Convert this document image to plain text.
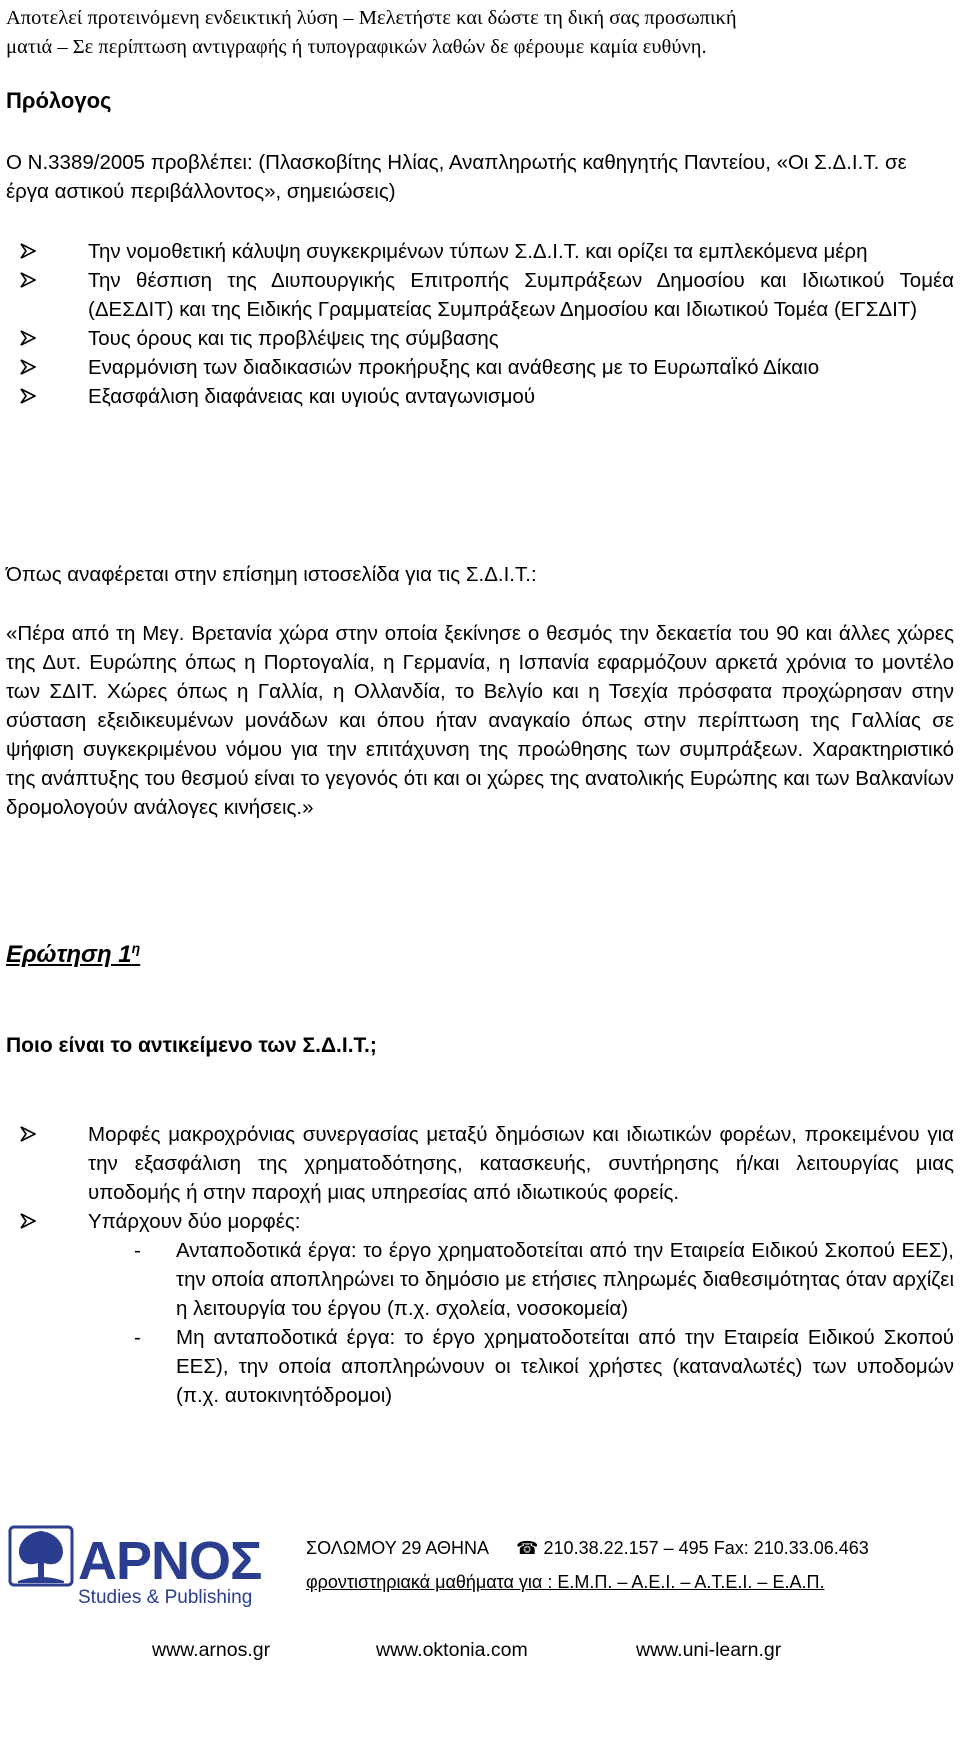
Αποτελεί προτεινόμενη ενδεικτική λύση – Μελετήστε και δώστε τη δική σας προσωπική
ματιά – Σε περίπτωση αντιγραφής ή τυπογραφικών λαθών δε φέρουμε καμία ευθύνη.
Πρόλογος
Ο Ν.3389/2005 προβλέπει: (Πλασκοβίτης Ηλίας, Αναπληρωτής καθηγητής Παντείου, «Οι Σ.Δ.Ι.Τ. σε έργα αστικού περιβάλλοντος», σημειώσεις)
Την νομοθετική κάλυψη συγκεκριμένων τύπων Σ.Δ.Ι.Τ. και ορίζει τα εμπλεκόμενα μέρη
Την θέσπιση της Διυπουργικής Επιτροπής Συμπράξεων Δημοσίου και Ιδιωτικού Τομέα (ΔΕΣΔΙΤ) και της Ειδικής Γραμματείας Συμπράξεων Δημοσίου και Ιδιωτικού Τομέα (ΕΓΣΔΙΤ)
Τους όρους και τις προβλέψεις της σύμβασης
Εναρμόνιση των διαδικασιών προκήρυξης και ανάθεσης με το ΕυρωπαΪκό Δίκαιο
Εξασφάλιση διαφάνειας και υγιούς ανταγωνισμού
Όπως αναφέρεται στην επίσημη ιστοσελίδα για τις Σ.Δ.Ι.Τ.:
«Πέρα από τη Μεγ. Βρετανία χώρα στην οποία ξεκίνησε ο θεσμός την δεκαετία του 90 και άλλες χώρες της Δυτ. Ευρώπης όπως η Πορτογαλία, η Γερμανία, η Ισπανία εφαρμόζουν αρκετά χρόνια το μοντέλο των ΣΔΙΤ. Χώρες όπως η Γαλλία, η Ολλανδία, το Βελγίο και η Τσεχία πρόσφατα προχώρησαν στην σύσταση εξειδικευμένων μονάδων και όπου ήταν αναγκαίο όπως στην περίπτωση της Γαλλίας σε ψήφιση συγκεκριμένου νόμου για την επιτάχυνση της προώθησης των συμπράξεων. Χαρακτηριστικό της ανάπτυξης του θεσμού είναι το γεγονός ότι και οι χώρες της ανατολικής Ευρώπης και των Βαλκανίων δρομολογούν ανάλογες κινήσεις.»
Ερώτηση $1^\eta$
Ποιο είναι το αντικείμενο των Σ.Δ.Ι.Τ.;
Μορφές μακροχρόνιας συνεργασίας μεταξύ δημόσιων και ιδιωτικών φορέων, προκειμένου για την εξασφάλιση της χρηματοδότησης, κατασκευής, συντήρησης ή/και λειτουργίας μιας υποδομής ή στην παροχή μιας υπηρεσίας από ιδιωτικούς φορείς.
Υπάρχουν δύο μορφές:
- Ανταποδοτικά έργα: το έργο χρηματοδοτείται από την Εταιρεία Ειδικού Σκοπού ΕΕΣ), την οποία αποπληρώνει το δημόσιο με ετήσιες πληρωμές διαθεσιμότητας όταν αρχίζει η λειτουργία του έργου (π.χ. σχολεία, νοσοκομεία)
- Μη ανταποδοτικά έργα: το έργο χρηματοδοτείται από την Εταιρεία Ειδικού Σκοπού ΕΕΣ), την οποία αποπληρώνουν οι τελικοί χρήστες (καταναλωτές) των υποδομών (π.χ. αυτοκινητόδρομοι)
ΑΡΝΟΣ
Studies & Publishing
ΣΟΛΩΜΟΥ 29 ΑΘΗΝΑ ☎ 210.38.22.157 – 495 Fax: 210.33.06.463
φροντιστηριακά μαθήματα για : Ε.Μ.Π. – Α.Ε.Ι. – Α.Τ.Ε.Ι. – Ε.Α.Π.
www.arnos.gr	www.oktonia.com	www.uni-learn.gr
